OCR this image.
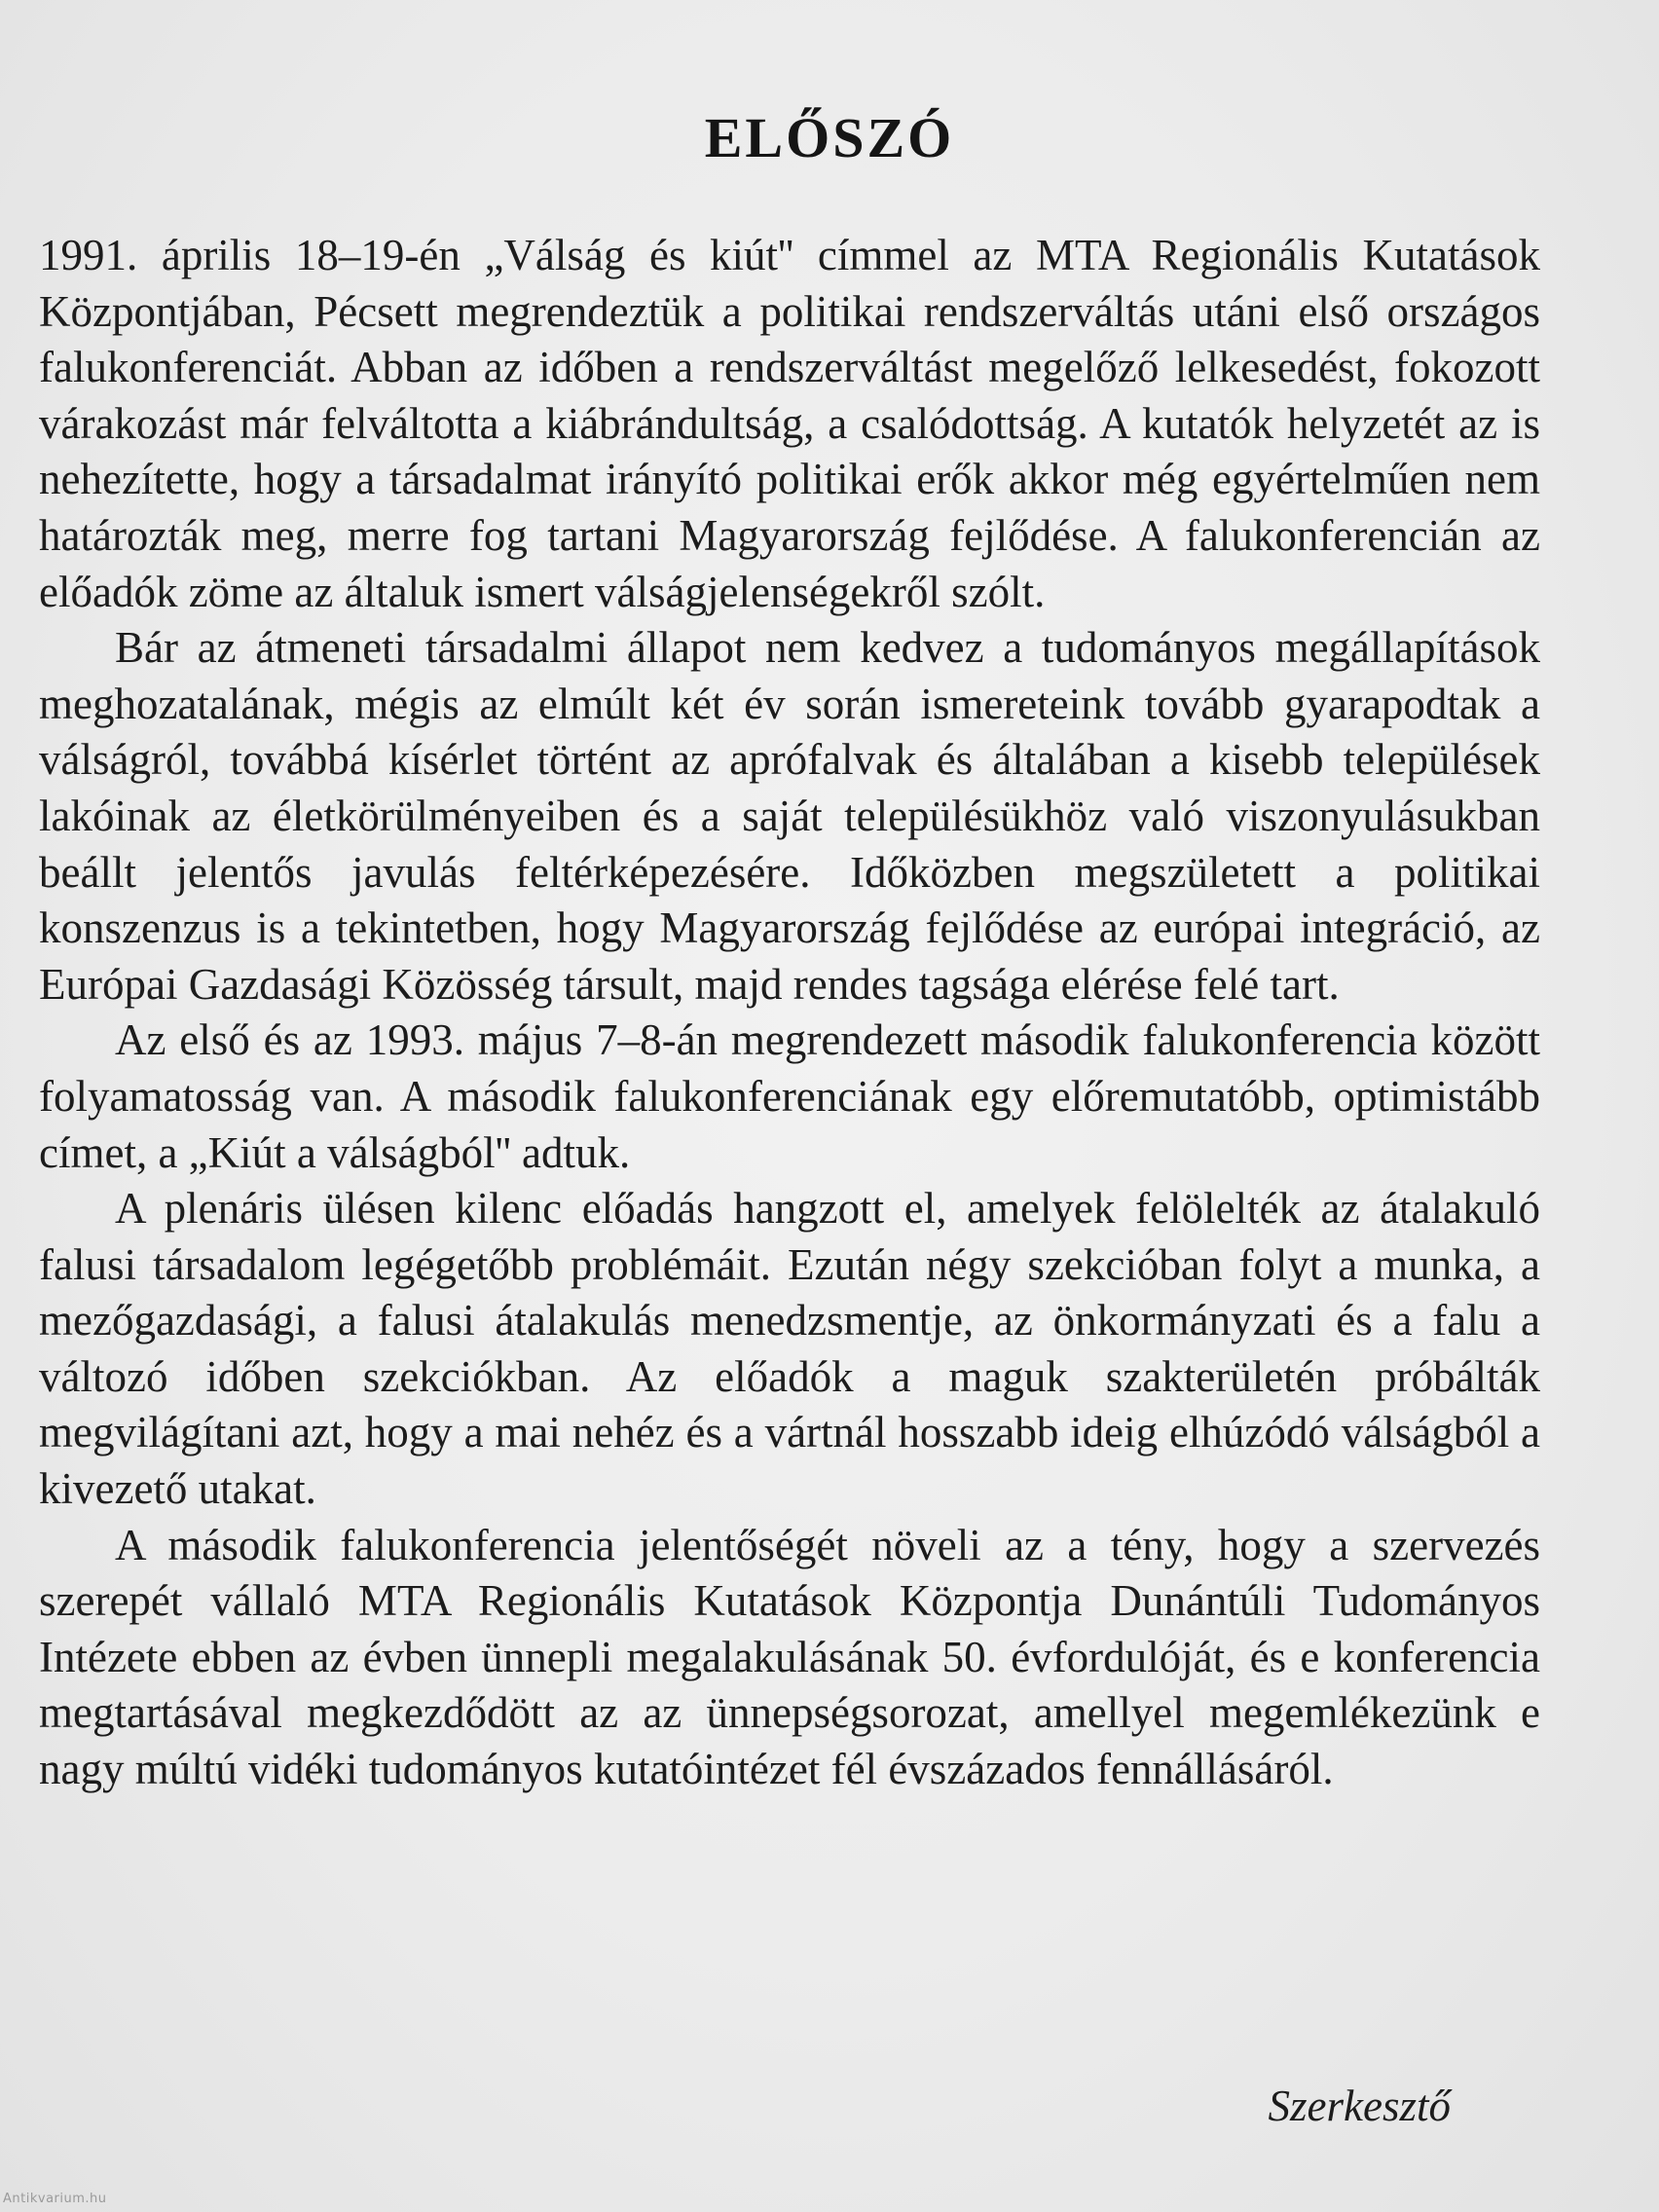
ELŐSZÓ

1991. április 18–19-én „Válság és kiút'' címmel az MTA Regionális Kutatások Központjában, Pécsett megrendeztük a politikai rendszerváltás utáni első országos falukonferenciát. Abban az időben a rendszerváltást megelőző lelkesedést, fokozott várakozást már felváltotta a kiábrándultság, a csalódottság. A kutatók helyzetét az is nehezítette, hogy a társadalmat irányító politikai erők akkor még egyértelműen nem határozták meg, merre fog tartani Magyarország fejlődése. A falukonferencián az előadók zöme az általuk ismert válságjelenségekről szólt.

Bár az átmeneti társadalmi állapot nem kedvez a tudományos megállapítások meghozatalának, mégis az elmúlt két év során ismereteink tovább gyarapodtak a válságról, továbbá kísérlet történt az aprófalvak és általában a kisebb települések lakóinak az életkörülményeiben és a saját településükhöz való viszonyulásukban beállt jelentős javulás feltérképezésére. Időközben megszületett a politikai konszenzus is a tekintetben, hogy Magyarország fejlődése az európai integráció, az Európai Gazdasági Közösség társult, majd rendes tagsága elérése felé tart.

Az első és az 1993. május 7–8-án megrendezett második falukonferencia között folyamatosság van. A második falukonferenciának egy előremutatóbb, optimistább címet, a „Kiút a válságból'' adtuk.

A plenáris ülésen kilenc előadás hangzott el, amelyek felölelték az átalakuló falusi társadalom legégetőbb problémáit. Ezután négy szekcióban folyt a munka, a mezőgazdasági, a falusi átalakulás menedzsmentje, az önkormányzati és a falu a változó időben szekciókban. Az előadók a maguk szakterületén próbálták megvilágítani azt, hogy a mai nehéz és a vártnál hosszabb ideig elhúzódó válságból a kivezető utakat.

A második falukonferencia jelentőségét növeli az a tény, hogy a szervezés szerepét vállaló MTA Regionális Kutatások Központja Dunántúli Tudományos Intézete ebben az évben ünnepli megalakulásának 50. évfordulóját, és e konferencia megtartásával megkezdődött az az ünnepségsorozat, amellyel megemlékezünk e nagy múltú vidéki tudományos kutatóintézet fél évszázados fennállásáról.

Szerkesztő
Antikvarium.hu
